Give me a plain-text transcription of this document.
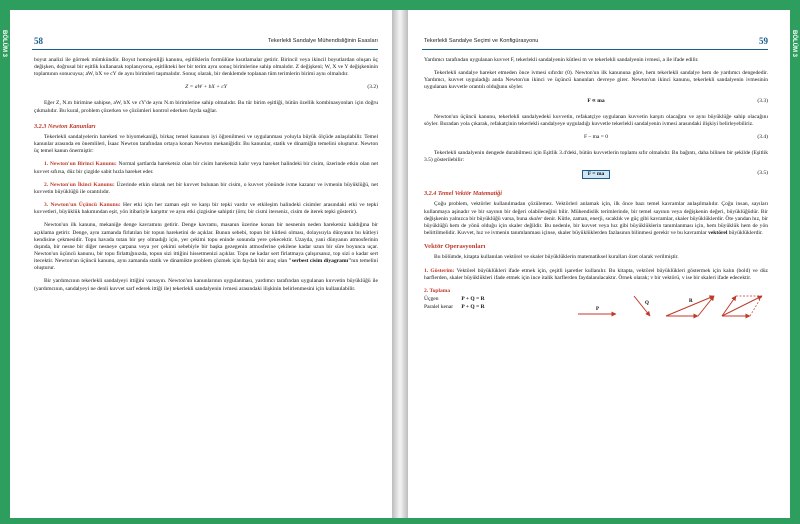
BÖLÜM 3	BÖLÜM 3
58	Tekerlekli Sandalye Mühendisliğinin Esasları

boyut analizi ile görmek mümkündür. Boyut homojenliği kanunu, eşitliklerin formülüne kısıtlamalar getirir. Birincil veya ikincil boyutlardan oluşan üç değişken, doğrusal bir eşitlik kullanarak toplanıyorsa, eşitlikteki her bir terim aynı sonuç birimlerine sahip olmalıdır. Z değişkeni; W, X ve Y değişkeninin toplamının sonucuysa; aW, bX ve cY de aynı birimleri taşımalıdır. Sonuç olarak, bir denklemde toplanan tüm terimlerin birimi aynı olmalıdır.

Z = aW + bX + cY	(3.2)

Eğer Z, N.m birimine sahipse, aW, bX ve cY'de aynı N.m birimlerine sahip olmalıdır. Bu tür birim eşitliği, bütün özellik kombinasyonları için doğru çıkmalıdır. Bu kural, problem çözerken ve çözümleri kontrol ederken fayda sağlar.

3.2.3 Newton Kanunları

Tekerlekli sandalyelerin hareketi ve biyomekaniği, birkaç temel kanunun iyi öğrenilmesi ve uygulanması yoluyla büyük ölçüde anlaşılabilir. Temel kanunlar arasında en önemlileri, İsaac Newton tarafından ortaya konan Newton mekaniğidir. Bu kanunlar, statik ve dinamiğin temelini oluşturur. Newton üç temel kanun önermiştir:

1. Newton'un Birinci Kanunu: Normal şartlarda hareketsiz olan bir cisim hareketsiz kalır veya hareket halindeki bir cisim, üzerinde etkin olan net kuvvet sıfırsa, düz bir çizgide sabit hızla hareket eder.

2. Newton'un İkinci Kanunu: Üzerinde etkin olarak net bir kuvvet bulunan bir cisim, o kuvvet yönünde ivme kazanır ve ivmenin büyüklüğü, net kuvvetin büyüklüğü ile orantılıdır.

3. Newton'un Üçüncü Kanunu: Her etki için her zaman eşit ve karşı bir tepki vardır ve etkileşim halindeki cisimler arasındaki etki ve tepki kuvvetleri, büyüklük bakımından eşit, yön itibariyle karşıttır ve aynı etki çizgisine sahiptir (örn; bir cismi iterseniz, cisim de iterek tepki gösterir).

Newton'un ilk kanunu, mekaniğe denge kavramını getirir. Denge kavramı, masanın üzerine konan bir nesnenin neden hareketsiz kaldığına bir açıklama getirir. Denge, aynı zamanda firlatılan bir topun hareketini de açıklar. Bunun sebebi, topun bir kütlesi olması, dolayısıyla dünyanın bu kütleyi kendisine çekmesidir. Topu havada tutan bir şey olmadığı için, yer çekimi topu eninde sonunda yere çekecektir. Uzayda, yani dünyanın atmosferinin dışında, bir nesne bir diğer nesneye çarpana veya yer çekimi sebebiyle bir başka gezegenin atmosferine çekilene kadar uzun bir süre boyunca uçar. Newton'un üçüncü kanunu, bir topu firlattığınızda, topun sizi ittiğini hissetmenizi açıklar. Topu ne kadar sert firlatmaya çalışırsanız, top sizi o kadar sert itecektir. Newton'un üçüncü kanunu, aynı zamanda statik ve dinamikte problem çözmek için faydalı bir araç olan "serbest cisim diyagramı"nın temelini oluşturur.

Bir yardımcının tekerlekli sandalyeyi ittiğini varsayın. Newton'un kanunlarının uygulanması, yardımcı tarafından uygulanan kuvvetin büyüklüğü ile (yardımcının, sandalyeyi ne denli kuvvet sarf ederek ittiği ile) tekerlekli sandalyenin ivmesi arasındaki ilişkinin belirlenmesini için kullanılabilir.

Tekerlekli Sandalye Seçimi ve Konfigürasyonu	59

Yardımcı tarafından uygulanan kuvvet F, tekerlekli sandalyenin kütlesi m ve tekerlekli sandalyenin ivmesi, a ile ifade edilir.

Tekerlekli sandalye hareket etmeden önce ivmesi sıfırdır (0). Newton'un ilk kanununa göre, hem tekerlekli sandalye hem de yardımcı dengededir. Yardımcı, kuvvet uyguladığı anda Newton'un ikinci ve üçüncü kanunları devreye girer. Newton'un ikinci kanunu, tekerlekli sandalyenin ivmesinin uygulanan kuvvetle orantılı olduğunu söyler.

F ∝ ma	(3.3)

Newton'un üçüncü kanunu, tekerlekli sandalyedeki kuvvetin, refakatçiye uygulanan kuvvetin karşıtı olacağını ve aynı büyüklüğe sahip olacağını söyler. Buradan yola çıkarak, refakatçinin tekerlekli sandalyeye uyguladığı kuvvetle tekerlekli sandalyenin ivmesi arasındaki ilişkiyi belirleyebiliriz.

F – ma = 0	(3.4)

Tekerlekli sandalyenin dengede durabilmesi için Eşitlik 3.4'deki, bütün kuvvetlerin toplamı sıfır olmalıdır. Bu bağıntı, daha bilinen bir şekilde (Eşitlik 3.5) gösterilebilir:

F = ma	(3.5)
3.2.4 Temel Vektör Matematiği

Çoğu problem, vektörler kullanılmadan çözülemez. Vektörleri anlamak için, ilk önce bazı temel kavramlar anlaşılmalıdır. Çoğu insan, sayıları kullanmaya aşinadır ve bir sayının bir değeri olabileceğini bilir. Mühendislik terimlerinde, bir temel sayının veya değişkenin değeri, büyüklüğüdür. Bir değişkenin yalnızca bir büyüklüğü varsa, buna skaler denir. Kütle, zaman, enerji, sıcaklık ve güç gibi kavramlar, skaler büyüklüklerdir. Öte yandan hız, bir büyüklüğü hem de yönü olduğu için skaler değildir. Bu nedenle, bir kuvvet veya hız gibi büyüklüklerin tanımlanması için, hem büyüklük hem de yön belirtilmelidir. Kuvvet, hız ve ivmenin tanımlanması içinse, skaler büyüklüklerden fazlasının bilinmesi gerekir ve bu kavramlar vektörel büyüklüklerdir.

Vektör Operasyonları

Bu bölümde, kitapta kullanılan vektörel ve skaler büyüklüklerin matematiksel kuralları özet olarak verilmiştir.

1. Gösterim: Vektörel büyüklükleri ifade etmek için, çeşitli işaretler kullanılır. Bu kitapta, vektörel büyüklükleri göstermek için kalın (bold) ve düz harflerden, skaler büyüklükleri ifade etmek için ince italik harflerden faydalanılacaktır. Örnek olarak; v bir vektörü, v ise bir skaleri ifade edecektir.

2. Toplama
Üçgen	P + Q = R
Paralel kenar P + Q = R	P
Q	R
